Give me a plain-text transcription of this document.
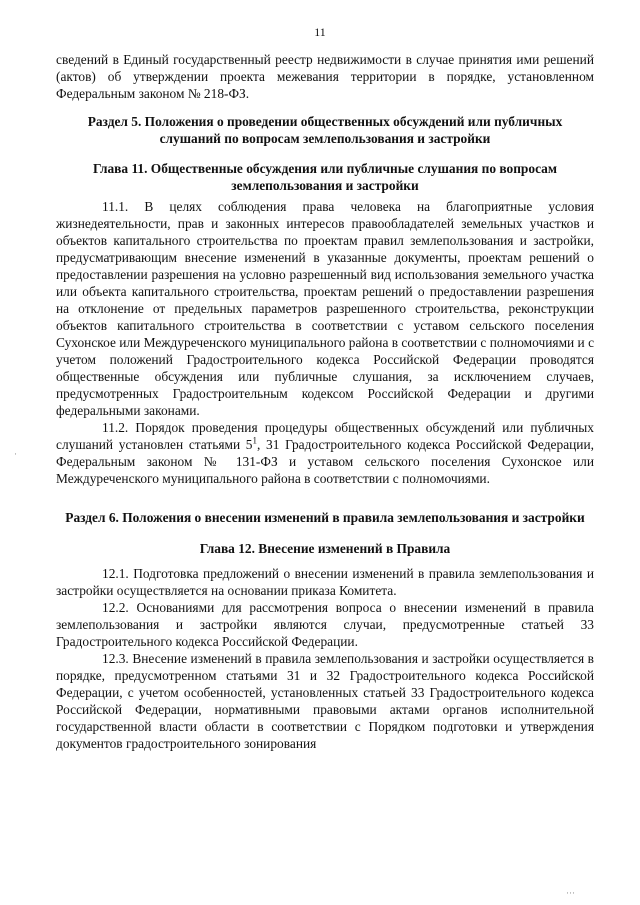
11

сведений в Единый государственный реестр недвижимости в случае принятия ими решений (актов) об утверждении проекта межевания территории в порядке, установленном Федеральным законом № 218-ФЗ.

Раздел 5. Положения о проведении общественных обсуждений или публичных слушаний по вопросам землепользования и застройки
Глава 11. Общественные обсуждения или публичные слушания по вопросам землепользования и застройки

11.1. В целях соблюдения права человека на благоприятные условия жизнедеятельности, прав и законных интересов правообладателей земельных участков и объектов капитального строительства по проектам правил землепользования и застройки, предусматривающим внесение изменений в указанные документы, проектам решений о предоставлении разрешения на условно разрешенный вид использования земельного участка или объекта капитального строительства, проектам решений о предоставлении разрешения на отклонение от предельных параметров разрешенного строительства, реконструкции объектов капитального строительства в соответствии с уставом сельского поселения Сухонское или Междуреченского муниципального района в соответствии с полномочиями и с учетом положений Градостроительного кодекса Российской Федерации проводятся общественные обсуждения или публичные слушания, за исключением случаев, предусмотренных Градостроительным кодексом Российской Федерации и другими федеральными законами.

11.2. Порядок проведения процедуры общественных обсуждений или публичных слушаний установлен статьями $5^1$, 31 Градостроительного кодекса Российской Федерации, Федеральным законом № 131-ФЗ и уставом сельского поселения Сухонское или Междуреченского муниципального района в соответствии с полномочиями.

Раздел 6. Положения о внесении изменений в правила землепользования и застройки
Глава 12. Внесение изменений в Правила

12.1. Подготовка предложений о внесении изменений в правила землепользования и застройки осуществляется на основании приказа Комитета.

12.2. Основаниями для рассмотрения вопроса о внесении изменений в правила землепользования и застройки являются случаи, предусмотренные статьей 33 Градостроительного кодекса Российской Федерации.

12.3. Внесение изменений в правила землепользования и застройки осуществляется в порядке, предусмотренном статьями 31 и 32 Градостроительного кодекса Российской Федерации, с учетом особенностей, установленных статьей 33 Градостроительного кодекса Российской Федерации, нормативными правовыми актами органов исполнительной государственной власти области в соответствии с Порядком подготовки и утверждения документов градостроительного зонирования

·
···
